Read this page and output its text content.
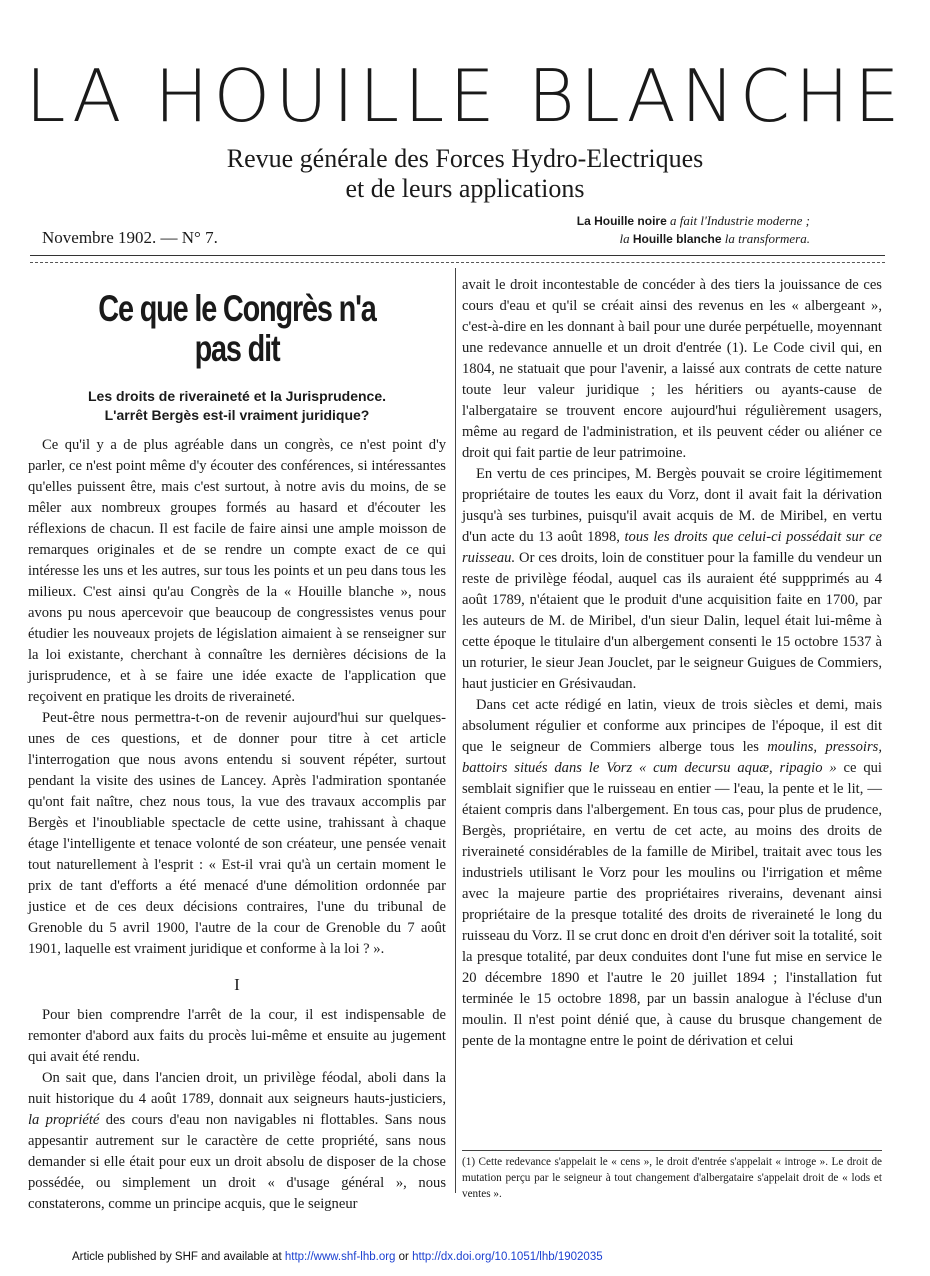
LA HOUILLE BLANCHE
Revue générale des Forces Hydro-Electriques
et de leurs applications
Novembre 1902. — N° 7.
La Houille noire a fait l'Industrie moderne ;
la Houille blanche la transformera.
Ce que le Congrès n'a pas dit
Les droits de riveraineté et la Jurisprudence.
L'arrêt Bergès est-il vraiment juridique?

Ce qu'il y a de plus agréable dans un congrès, ce n'est point d'y parler, ce n'est point même d'y écouter des conférences, si intéressantes qu'elles puissent être, mais c'est surtout, à notre avis du moins, de se mêler aux nombreux groupes formés au hasard et d'écouter les réflexions de chacun. Il est facile de faire ainsi une ample moisson de remarques originales et de se rendre un compte exact de ce qui intéresse les uns et les autres, sur tous les points et un peu dans tous les milieux. C'est ainsi qu'au Congrès de la « Houille blanche », nous avons pu nous apercevoir que beaucoup de congressistes venus pour étudier les nouveaux projets de législation aimaient à se renseigner sur la loi existante, cherchant à connaître les dernières décisions de la jurisprudence, et à se faire une idée exacte de l'application que reçoivent en pratique les droits de riveraineté.

Peut-être nous permettra-t-on de revenir aujourd'hui sur quelques-unes de ces questions, et de donner pour titre à cet article l'interrogation que nous avons entendu si souvent répéter, surtout pendant la visite des usines de Lancey. Après l'admiration spontanée qu'ont fait naître, chez nous tous, la vue des travaux accomplis par Bergès et l'inoubliable spectacle de cette usine, trahissant à chaque étage l'intelligente et tenace volonté de son créateur, une pensée venait tout naturellement à l'esprit : « Est-il vrai qu'à un certain moment le prix de tant d'efforts a été menacé d'une démolition ordonnée par justice et de ces deux décisions contraires, l'une du tribunal de Grenoble du 5 avril 1900, l'autre de la cour de Grenoble du 7 août 1901, laquelle est vraiment juridique et conforme à la loi ? ».

I

Pour bien comprendre l'arrêt de la cour, il est indispensable de remonter d'abord aux faits du procès lui-même et ensuite au jugement qui avait été rendu.

On sait que, dans l'ancien droit, un privilège féodal, aboli dans la nuit historique du 4 août 1789, donnait aux seigneurs hauts-justiciers, la propriété des cours d'eau non navigables ni flottables. Sans nous appesantir autrement sur le caractère de cette propriété, sans nous demander si elle était pour eux un droit absolu de disposer de la chose possédée, ou simplement un droit « d'usage général », nous constaterons, comme un principe acquis, que le seigneur

avait le droit incontestable de concéder à des tiers la jouissance de ces cours d'eau et qu'il se créait ainsi des revenus en les « albergeant », c'est-à-dire en les donnant à bail pour une durée perpétuelle, moyennant une redevance annuelle et un droit d'entrée (1). Le Code civil qui, en 1804, ne statuait que pour l'avenir, a laissé aux contrats de cette nature toute leur valeur juridique ; les héritiers ou ayants-cause de l'albergataire se trouvent encore aujourd'hui régulièrement usagers, même au regard de l'administration, et ils peuvent céder ou aliéner ce droit qui fait partie de leur patrimoine.

En vertu de ces principes, M. Bergès pouvait se croire légitimement propriétaire de toutes les eaux du Vorz, dont il avait fait la dérivation jusqu'à ses turbines, puisqu'il avait acquis de M. de Miribel, en vertu d'un acte du 13 août 1898, tous les droits que celui-ci possédait sur ce ruisseau. Or ces droits, loin de constituer pour la famille du vendeur un reste de privilège féodal, auquel cas ils auraient été suppprimés au 4 août 1789, n'étaient que le produit d'une acquisition faite en 1700, par les auteurs de M. de Miribel, d'un sieur Dalin, lequel était lui-même à cette époque le titulaire d'un albergement consenti le 15 octobre 1537 à un roturier, le sieur Jean Jouclet, par le seigneur Guigues de Commiers, haut justicier en Grésivaudan.

Dans cet acte rédigé en latin, vieux de trois siècles et demi, mais absolument régulier et conforme aux principes de l'époque, il est dit que le seigneur de Commiers alberge tous les moulins, pressoirs, battoirs situés dans le Vorz « cum decursu aquæ, ripagio » ce qui semblait signifier que le ruisseau en entier — l'eau, la pente et le lit, — étaient compris dans l'albergement. En tous cas, pour plus de prudence, Bergès, propriétaire, en vertu de cet acte, au moins des droits de riveraineté considérables de la famille de Miribel, traitait avec tous les industriels utilisant le Vorz pour les moulins ou l'irrigation et même avec la majeure partie des propriétaires riverains, devenant ainsi propriétaire de la presque totalité des droits de riveraineté le long du ruisseau du Vorz. Il se crut donc en droit d'en dériver soit la totalité, soit la presque totalité, par deux conduites dont l'une fut mise en service le 20 décembre 1890 et l'autre le 20 juillet 1894 ; l'installation fut terminée le 15 octobre 1898, par un bassin analogue à l'écluse d'un moulin. Il n'est point dénié que, à cause du brusque changement de pente de la montagne entre le point de dérivation et celui

(1) Cette redevance s'appelait le « cens », le droit d'entrée s'appelait « introge ». Le droit de mutation perçu par le seigneur à tout changement d'albergataire s'appelait droit de « lods et ventes ».
Article published by SHF and available at http://www.shf-lhb.org or http://dx.doi.org/10.1051/lhb/1902035
